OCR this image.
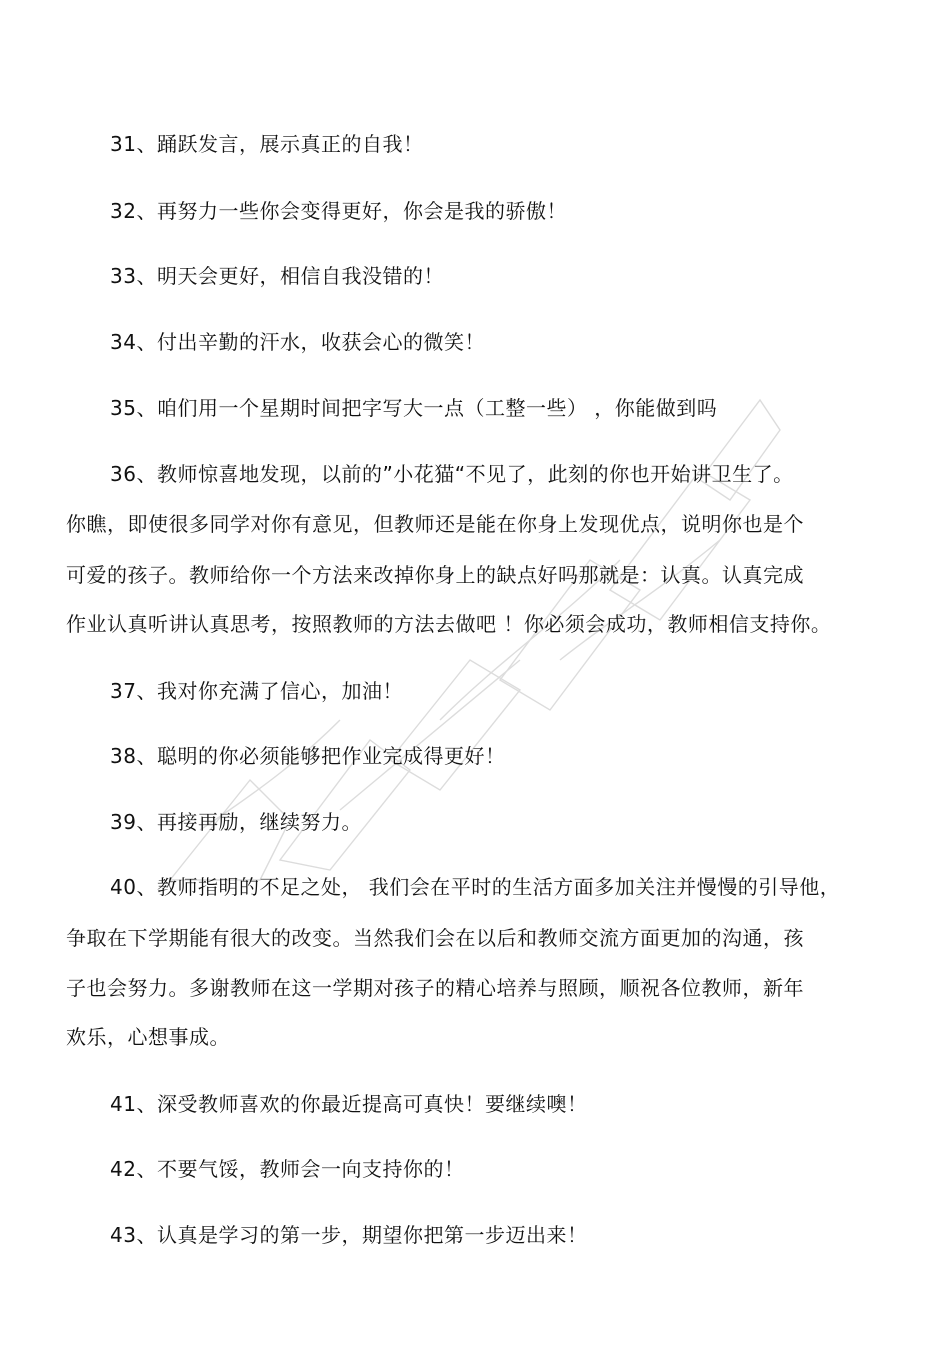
31、踊跃发言，展示真正的自我！
32、再努力一些你会变得更好，你会是我的骄傲！
33、明天会更好，相信自我没错的！
34、付出辛勤的汗水，收获会心的微笑！
35、咱们用一个星期时间把字写大一点（工整一些） ，你能做到吗
36、教师惊喜地发现，以前的”小花猫“不见了，此刻的你也开始讲卫生了。
你瞧，即使很多同学对你有意见，但教师还是能在你身上发现优点，说明你也是个
可爱的孩子。教师给你一个方法来改掉你身上的缺点好吗那就是：认真。认真完成
作业认真听讲认真思考，按照教师的方法去做吧 ！你必须会成功，教师相信支持你。
37、我对你充满了信心，加油！
38、聪明的你必须能够把作业完成得更好！
39、再接再励，继续努力。
40、教师指明的不足之处， 我们会在平时的生活方面多加关注并慢慢的引导他，
争取在下学期能有很大的改变。当然我们会在以后和教师交流方面更加的沟通，孩
子也会努力。多谢教师在这一学期对孩子的精心培养与照顾，顺祝各位教师，新年
欢乐，心想事成。
41、深受教师喜欢的你最近提高可真快！要继续噢！
42、不要气馁，教师会一向支持你的！
43、认真是学习的第一步，期望你把第一步迈出来！
